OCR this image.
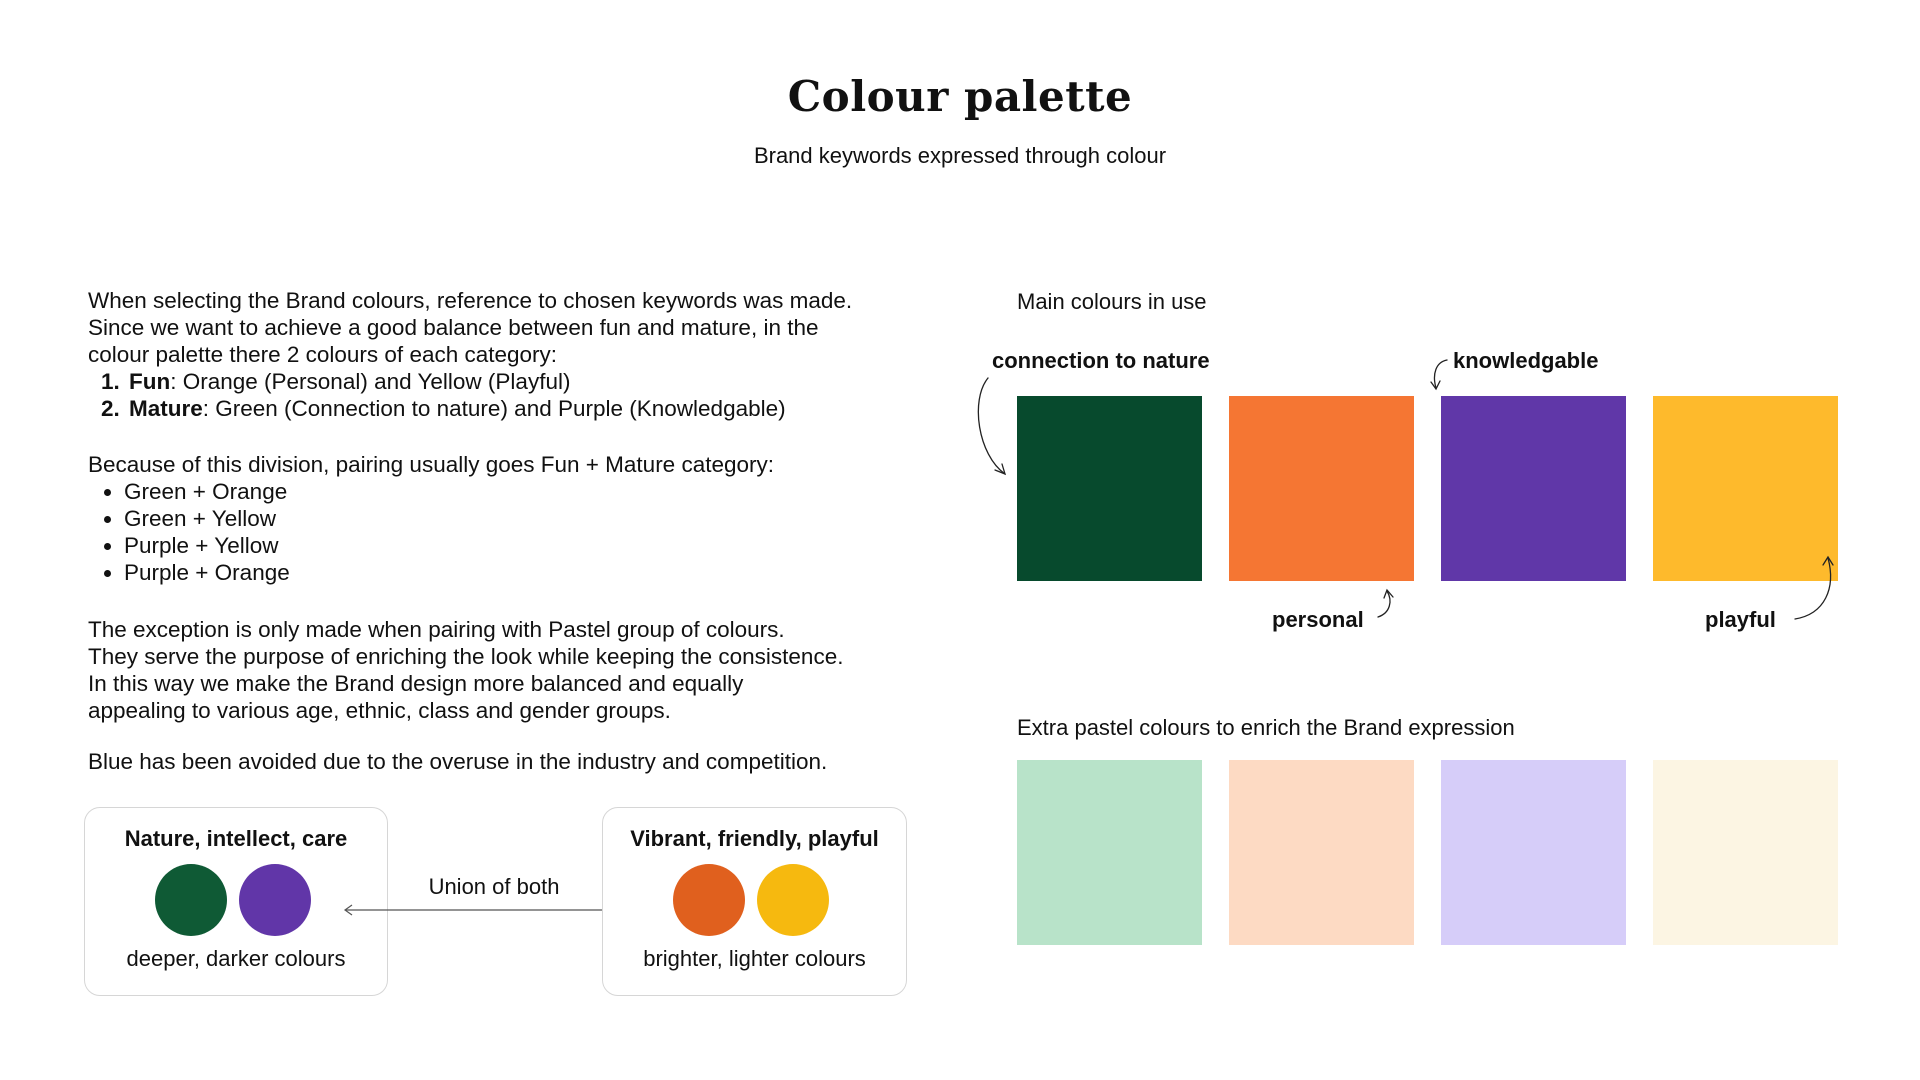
Colour palette
Brand keywords expressed through colour
When selecting the Brand colours, reference to chosen keywords was made.
Since we want to achieve a good balance between fun and mature, in the
colour palette there 2 colours of each category:
1. Fun: Orange (Personal) and Yellow (Playful)
2. Mature: Green (Connection to nature) and Purple (Knowledgable)
Because of this division, pairing usually goes Fun + Mature category:
• Green + Orange
• Green + Yellow
• Purple + Yellow
• Purple + Orange
The exception is only made when pairing with Pastel group of colours.
They serve the purpose of enriching the look while keeping the consistence.
In this way we make the Brand design more balanced and equally
appealing to various age, ethnic, class and gender groups.
Blue has been avoided due to the overuse in the industry and competition.
Nature, intellect, care
deeper, darker colours
Union of both
Vibrant, friendly, playful
brighter, lighter colours
Main colours in use
connection to nature	knowledgable
personal	playful
Extra pastel colours to enrich the Brand expression
